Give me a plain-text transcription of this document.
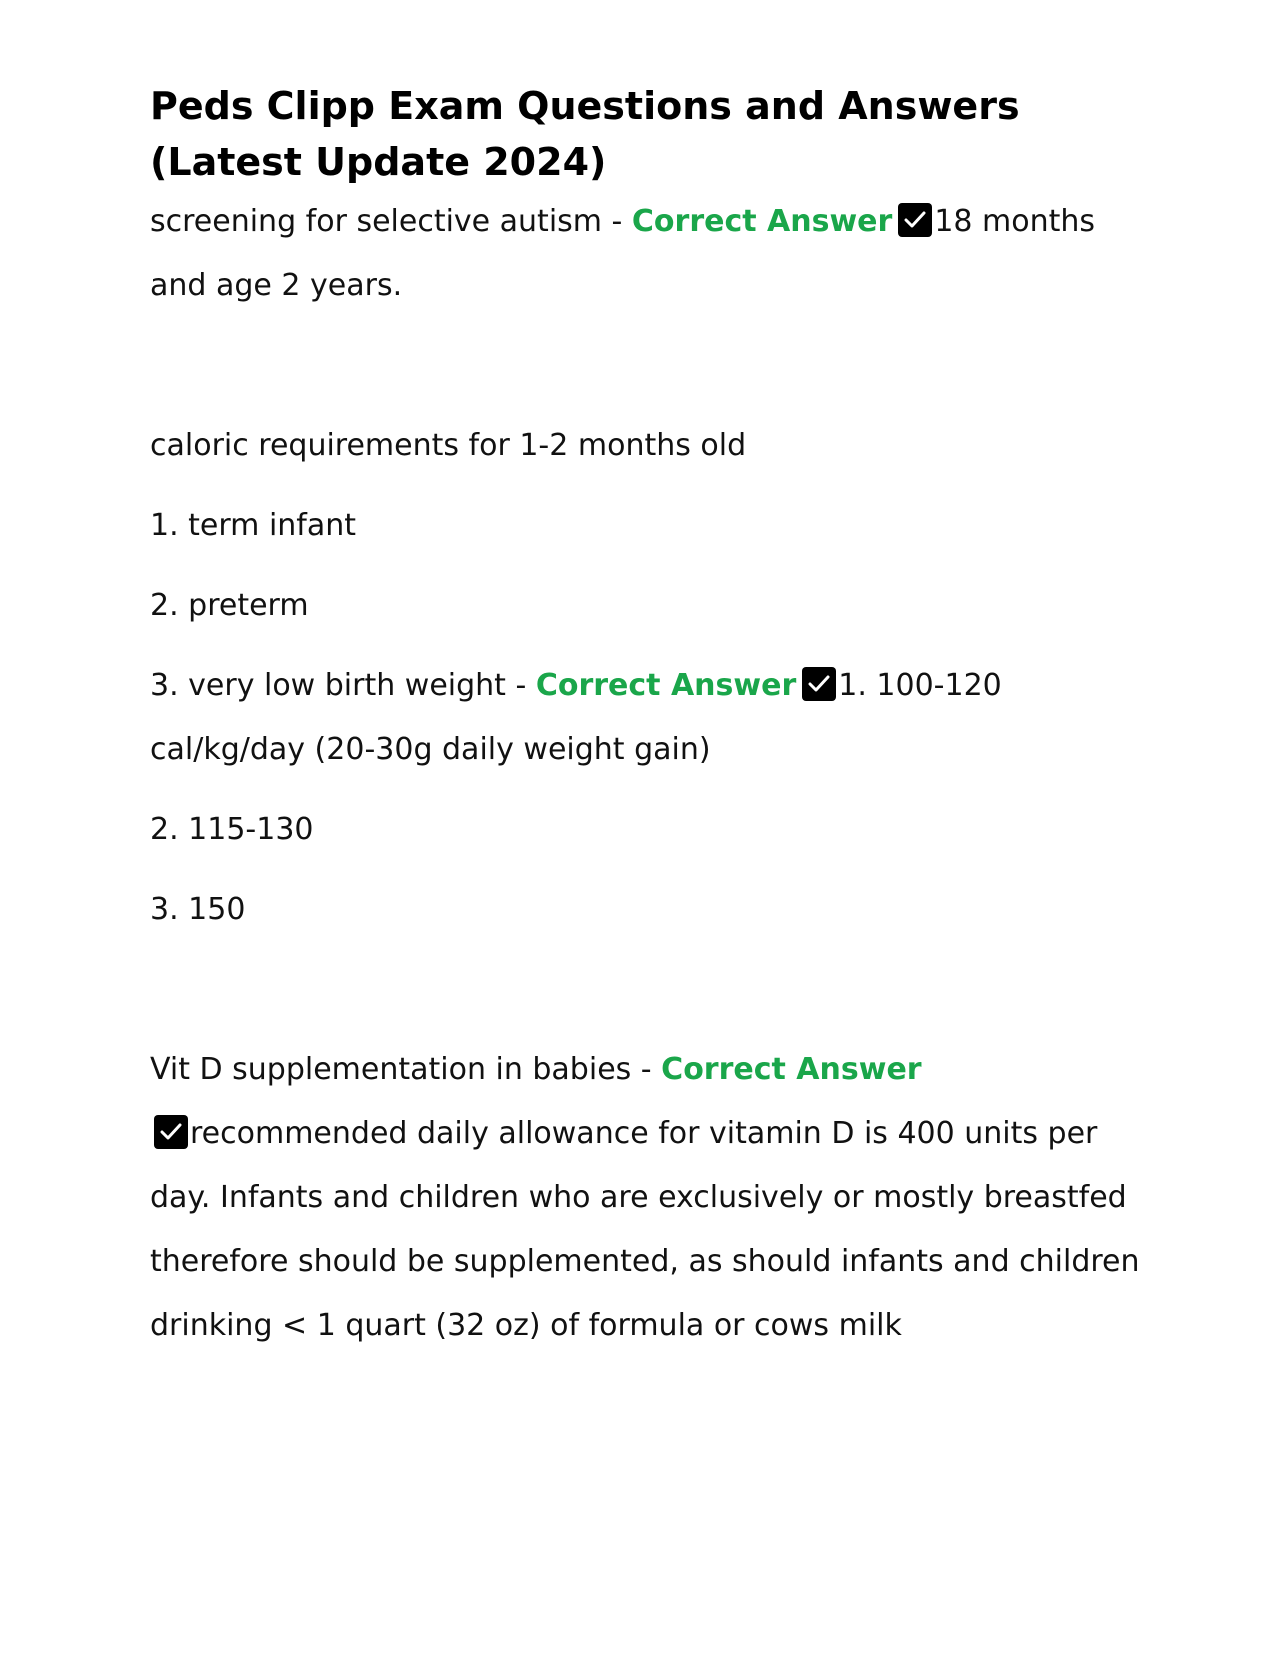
Peds Clipp Exam Questions and Answers
(Latest Update 2024)

screening for selective autism - Correct Answer 18 months and age 2 years.

caloric requirements for 1-2 months old

1. term infant

2. preterm

3. very low birth weight - Correct Answer 1. 100-120 cal/kg/day (20-30g daily weight gain)

2. 115-130

3. 150

Vit D supplementation in babies - Correct Answer

recommended daily allowance for vitamin D is 400 units per day. Infants and children who are exclusively or mostly breastfed therefore should be supplemented, as should infants and children drinking < 1 quart (32 oz) of formula or cows milk
